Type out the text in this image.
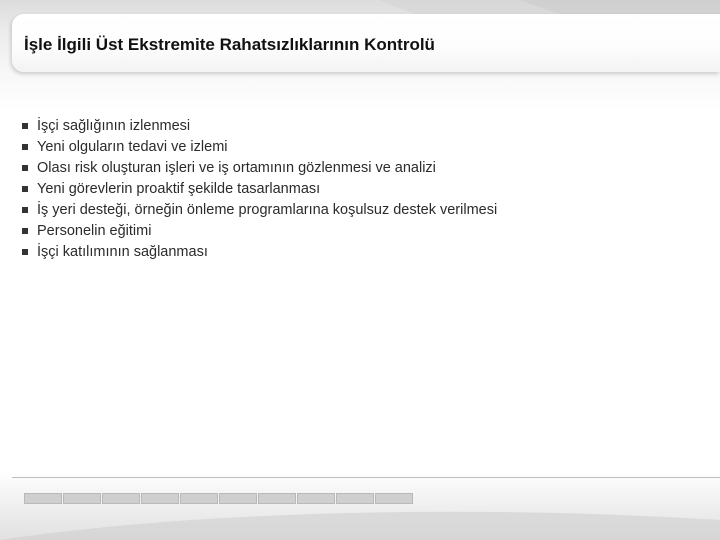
İşle İlgili Üst Ekstremite Rahatsızlıklarının Kontrolü
İşçi sağlığının izlenmesi
Yeni olguların tedavi ve izlemi
Olası risk oluşturan işleri ve iş ortamının gözlenmesi ve analizi
Yeni görevlerin proaktif şekilde tasarlanması
İş yeri desteği, örneğin önleme programlarına koşulsuz destek verilmesi
Personelin eğitimi
İşçi katılımının sağlanması
